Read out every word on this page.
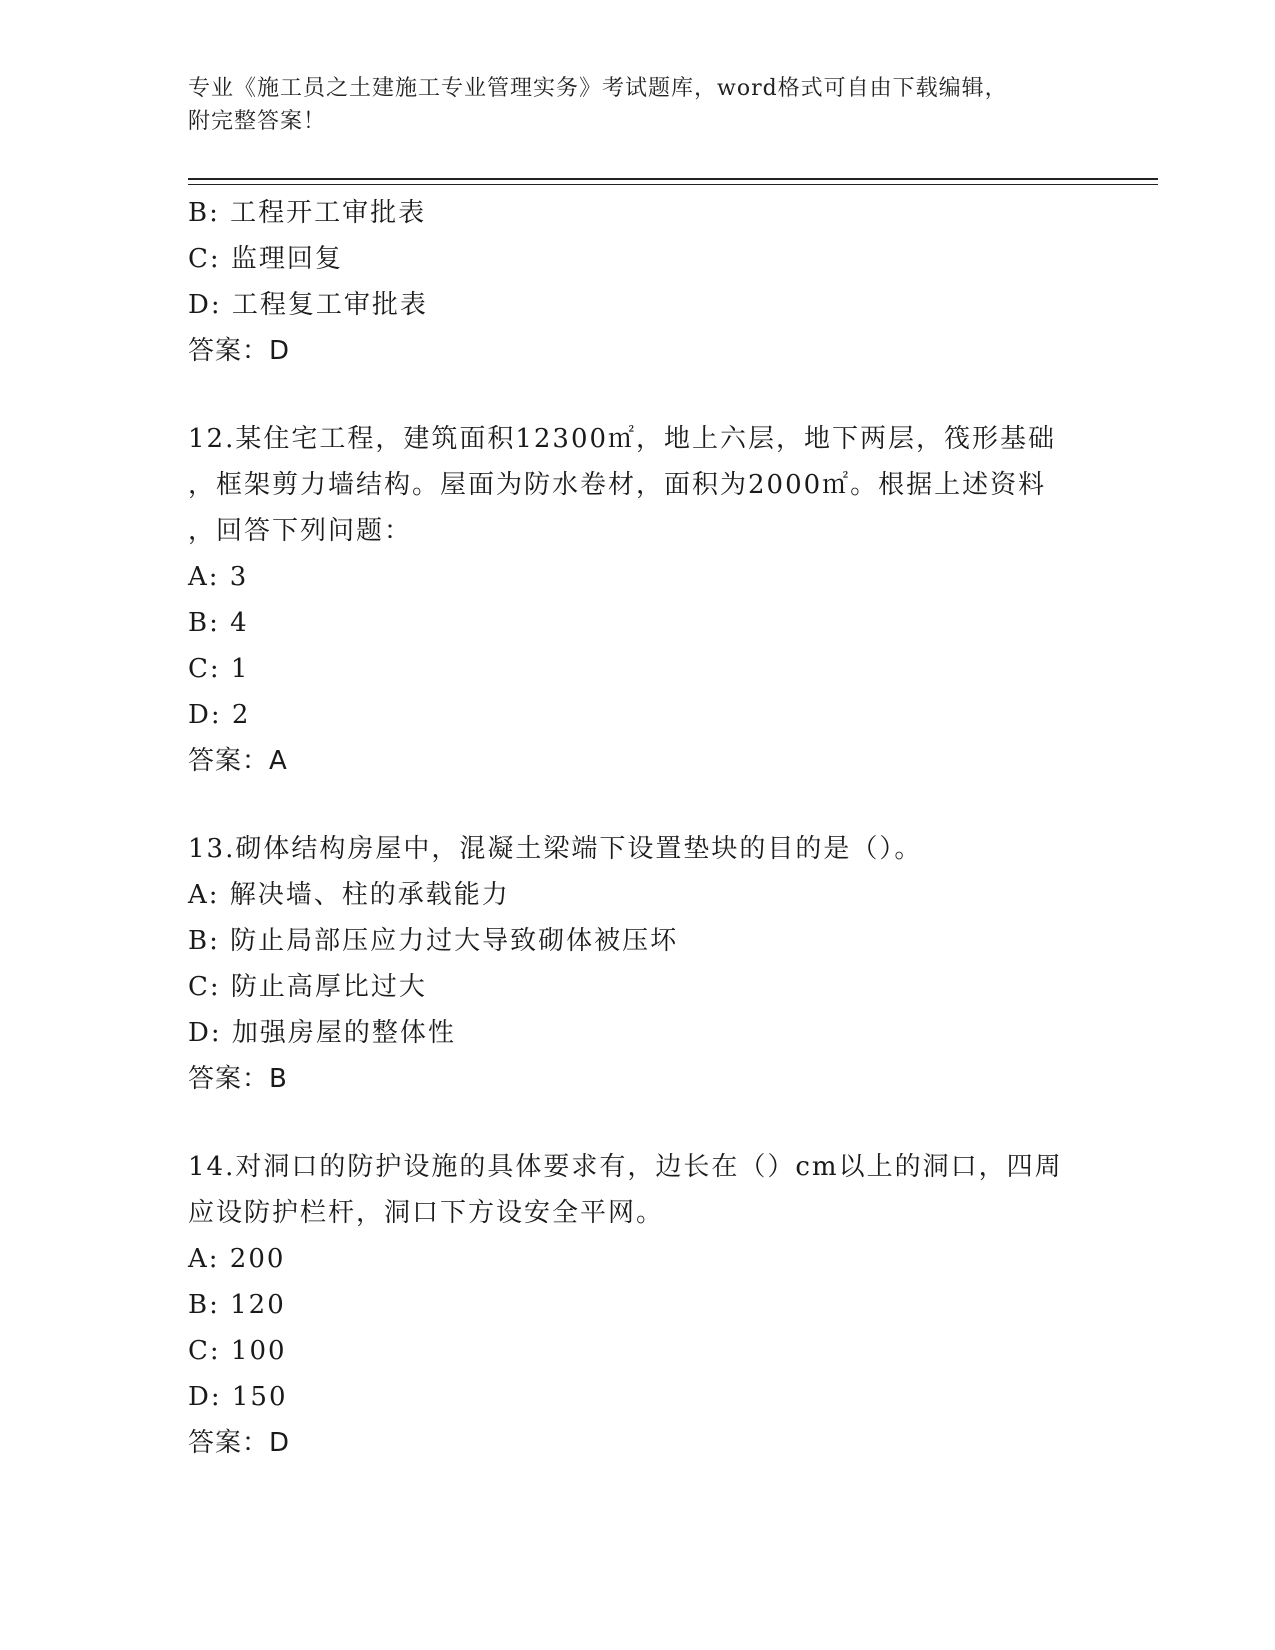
专业《施工员之土建施工专业管理实务》考试题库，word格式可自由下载编辑，
附完整答案！
B: 工程开工审批表
C: 监理回复
D: 工程复工审批表
答案：D
12.某住宅工程，建筑面积12300㎡，地上六层，地下两层，筏形基础
，框架剪力墙结构。屋面为防水卷材，面积为2000㎡。根据上述资料
，回答下列问题：
A: 3
B: 4
C: 1
D: 2
答案：A
13.砌体结构房屋中，混凝土梁端下设置垫块的目的是（）。
A: 解决墙、柱的承载能力
B: 防止局部压应力过大导致砌体被压坏
C: 防止高厚比过大
D: 加强房屋的整体性
答案：B
14.对洞口的防护设施的具体要求有，边长在（）cm以上的洞口，四周
应设防护栏杆，洞口下方设安全平网。
A: 200
B: 120
C: 100
D: 150
答案：D
